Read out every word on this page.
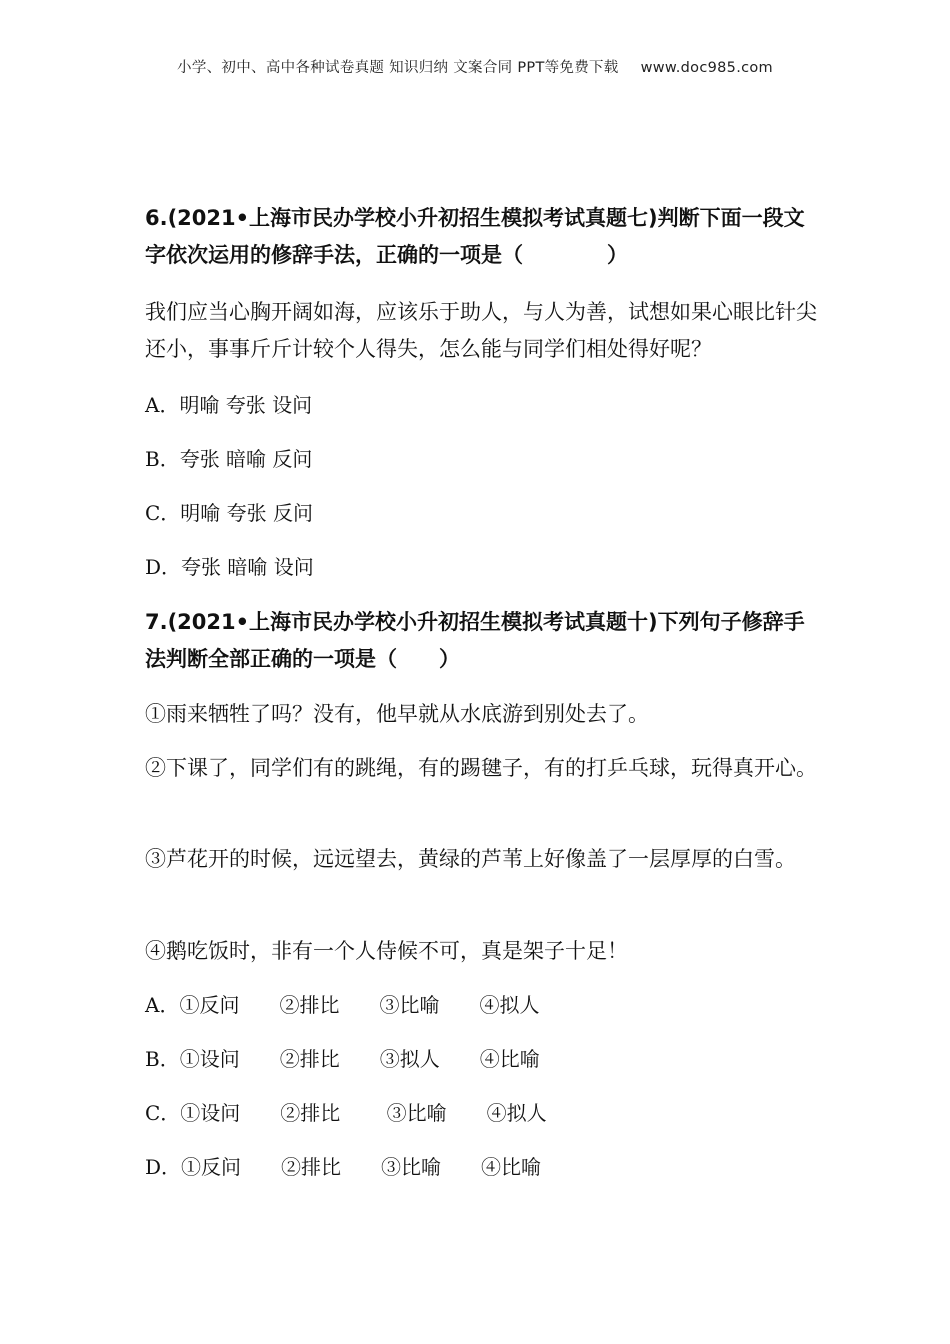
小学、初中、高中各种试卷真题 知识归纳 文案合同 PPT等免费下载 www.doc985.com
6.(2021•上海市民办学校小升初招生模拟考试真题七)判断下面一段文字依次运用的修辞手法，正确的一项是（　　　　）
我们应当心胸开阔如海，应该乐于助人，与人为善，试想如果心眼比针尖还小，事事斤斤计较个人得失，怎么能与同学们相处得好呢？
A．明喻 夸张 设问
B．夸张 暗喻 反问
C．明喻 夸张 反问
D．夸张 暗喻 设问
7.(2021•上海市民办学校小升初招生模拟考试真题十)下列句子修辞手法判断全部正确的一项是（　　）
①雨来牺牲了吗？没有，他早就从水底游到别处去了。
②下课了，同学们有的跳绳，有的踢毽子，有的打乒乓球，玩得真开心。
③芦花开的时候，远远望去，黄绿的芦苇上好像盖了一层厚厚的白雪。
④鹅吃饭时，非有一个人侍候不可，真是架子十足！
A．①反问　　②排比　　③比喻　　④拟人
B．①设问　　②排比　　③拟人　　④比喻
C．①设问　　②排比　　 ③比喻　　④拟人
D．①反问　　②排比　　③比喻　　④比喻
